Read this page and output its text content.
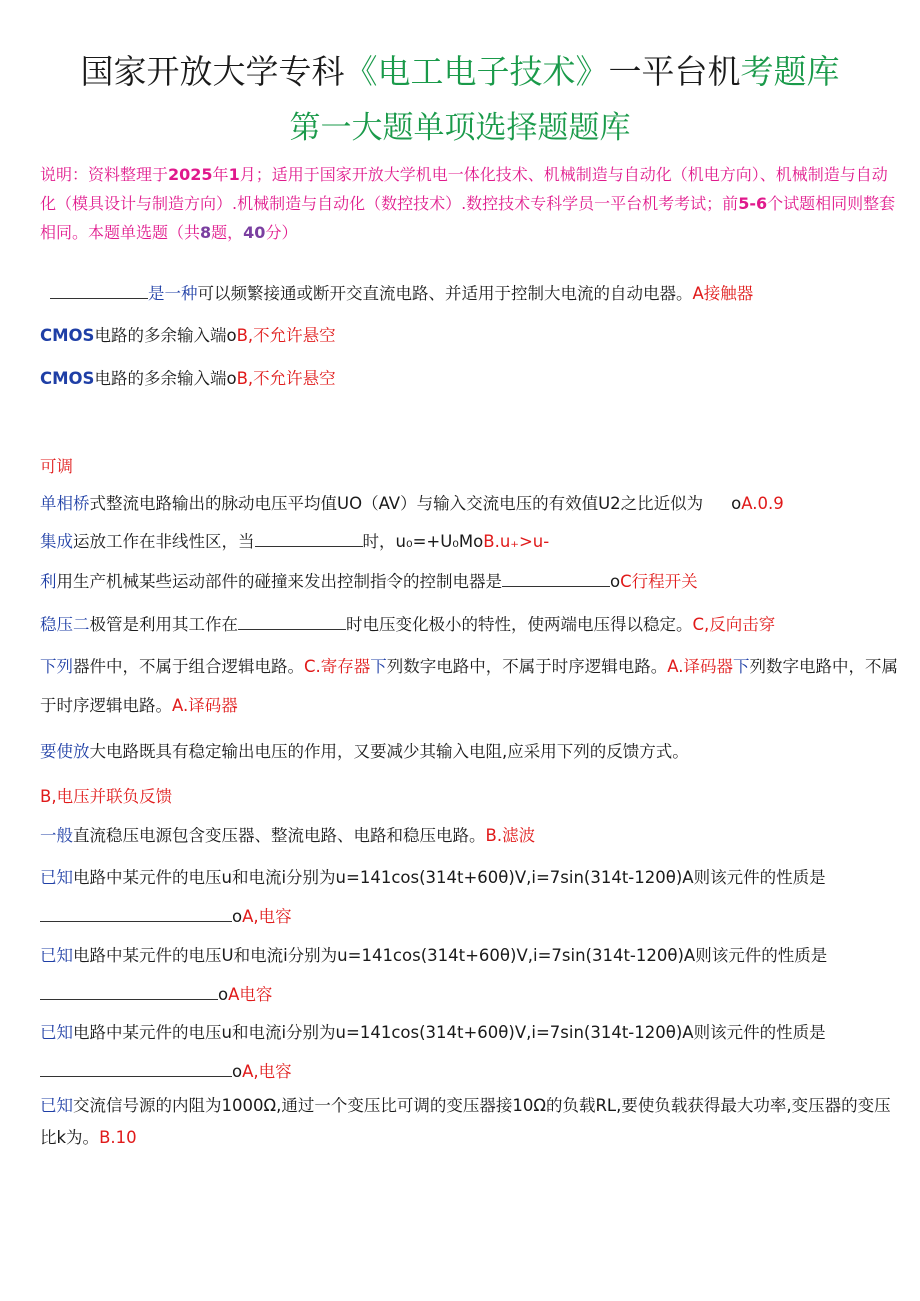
国家开放大学专科《电工电子技术》一平台机考题库
第一大题单项选择题题库
说明：资料整理于2025年1月；适用于国家开放大学机电一体化技术、机械制造与自动化（机电方向）、机械制造与自动化（模具设计与制造方向）.机械制造与自动化（数控技术）.数控技术专科学员一平台机考考试；前5-6个试题相同则整套相同。本题单选题（共8题，40分）
是一种可以频繁接通或断开交直流电路、并适用于控制大电流的自动电器。A接触器
CMOS电路的多余输入端oB,不允许悬空
CMOS电路的多余输入端oB,不允许悬空
可调
单相桥式整流电路输出的脉动电压平均值UO（AV）与输入交流电压的有效值U2之比近似为 oA.0.9
集成运放工作在非线性区，当	时，u₀=+U₀MoB.u₊>u-
利用生产机械某些运动部件的碰撞来发出控制指令的控制电器是	oC行程开关
稳压二极管是利用其工作在	时电压变化极小的特性，使两端电压得以稳定。C,反向击穿
下列器件中，不属于组合逻辑电路。C.寄存器下列数字电路中，不属于时序逻辑电路。A.译码器下列数字电路中，不属于时序逻辑电路。A.译码器
要使放大电路既具有稳定输出电压的作用，又要减少其输入电阻,应采用下列的反馈方式。
B,电压并联负反馈
一般直流稳压电源包含变压器、整流电路、电路和稳压电路。B.滤波
已知电路中某元件的电压u和电流i分别为u=141cos(314t+60θ)V,i=7sin(314t-120θ)A则该元件的性质是oA,电容
已知电路中某元件的电压U和电流i分别为u=141cos(314t+60θ)V,i=7sin(314t-120θ)A则该元件的性质是oA电容
已知电路中某元件的电压u和电流i分别为u=141cos(314t+60θ)V,i=7sin(314t-120θ)A则该元件的性质是oA,电容
已知交流信号源的内阻为1000Ω,通过一个变压比可调的变压器接10Ω的负载RL,要使负载获得最大功率,变压器的变压比k为。B.10
